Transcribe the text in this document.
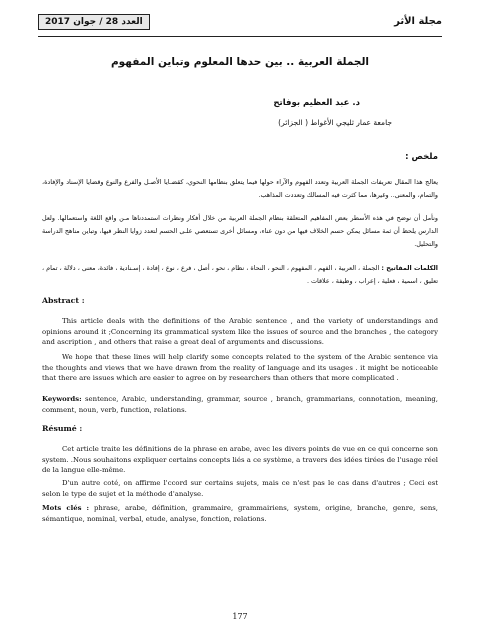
مجلة الأثر
العدد 28 / جوان 2017
الجملة العربية .. بين حدها المعلوم وتباين المفهوم
د. عبد العظيم بوفاتح
جامعة عمار ثليجي الأغواط ( الجزائر)
ملخص :
يعالج هذا المقال تعريفات الجملة العربية وتعدد الفهوم والآراء حولها فيما يتعلق بنظامها النحوي، كقضـايا الأصـل والفرع والنوع وقضايا الإسناد والإفادة، والتمام، والمعنى.. وغيرها، مما كثرت فيه المسالك وتعددت المذاهب.
ونأمل أن نوضح في هذه الأسطر بعض المفاهيم المتعلقة بنظام الجملة العربية من خلال أفكار ونظرات استمددناها مـن واقع اللغة واستعمالها. ولعل الدارس يلحظ أن ثمة مسائل يمكن حسم الخلاف فيها من دون عناء، ومسائل أخرى تستعصي علـى الحسم لتعدد زوايا النظر فيها، وتباين مناهج الدراسة والتحليل.
الكلمات المفاتيح : الجملة ، العربية ، الفهم ، المفهوم ، النحو ، النحاة ، نظام ، نحو ، أصل ، فرع ، نوع ، إفادة ، إسـنادية ، فائدة، معنى ، دلالة ، تمام ، تعليق ، اسمية ، فعلية ، إعراب ، وظيفة ، علاقات .
Abstract :
This article deals with the definitions of the Arabic sentence , and the variety of understandings and opinions around it ;Concerning its grammatical system like the issues of source and the branches , the category and ascription , and others that raise a great deal of arguments and discussions.
We hope that these lines will help clarify some concepts related to the system of the Arabic sentence via the thoughts and views that we have drawn from the reality of language and its usages . it might be noticeable that there are issues which are easier to agree on by researchers than others that more complicated .
Keywords: sentence, Arabic, understanding, grammar, source , branch, grammarians, connotation, meaning, comment, noun, verb, function, relations.
Résumé :
Cet article traite les définitions de la phrase en arabe, avec les divers points de vue en ce qui concerne son system. .Nous souhaitons expliquer certains concepts liés a ce système, a travers des idées tirées de l'usage réel de la langue elle-même.
D'un autre coté, on affirme l'ccord sur certains sujets, mais ce n'est pas le cas dans d'autres ; Ceci est selon le type de sujet et la méthode d'analyse.
Mots clés : phrase, arabe, définition, grammaire, grammairiens, system, origine, branche, genre, sens, sémantique, nominal, verbal, etude, analyse, fonction, relations.
177
